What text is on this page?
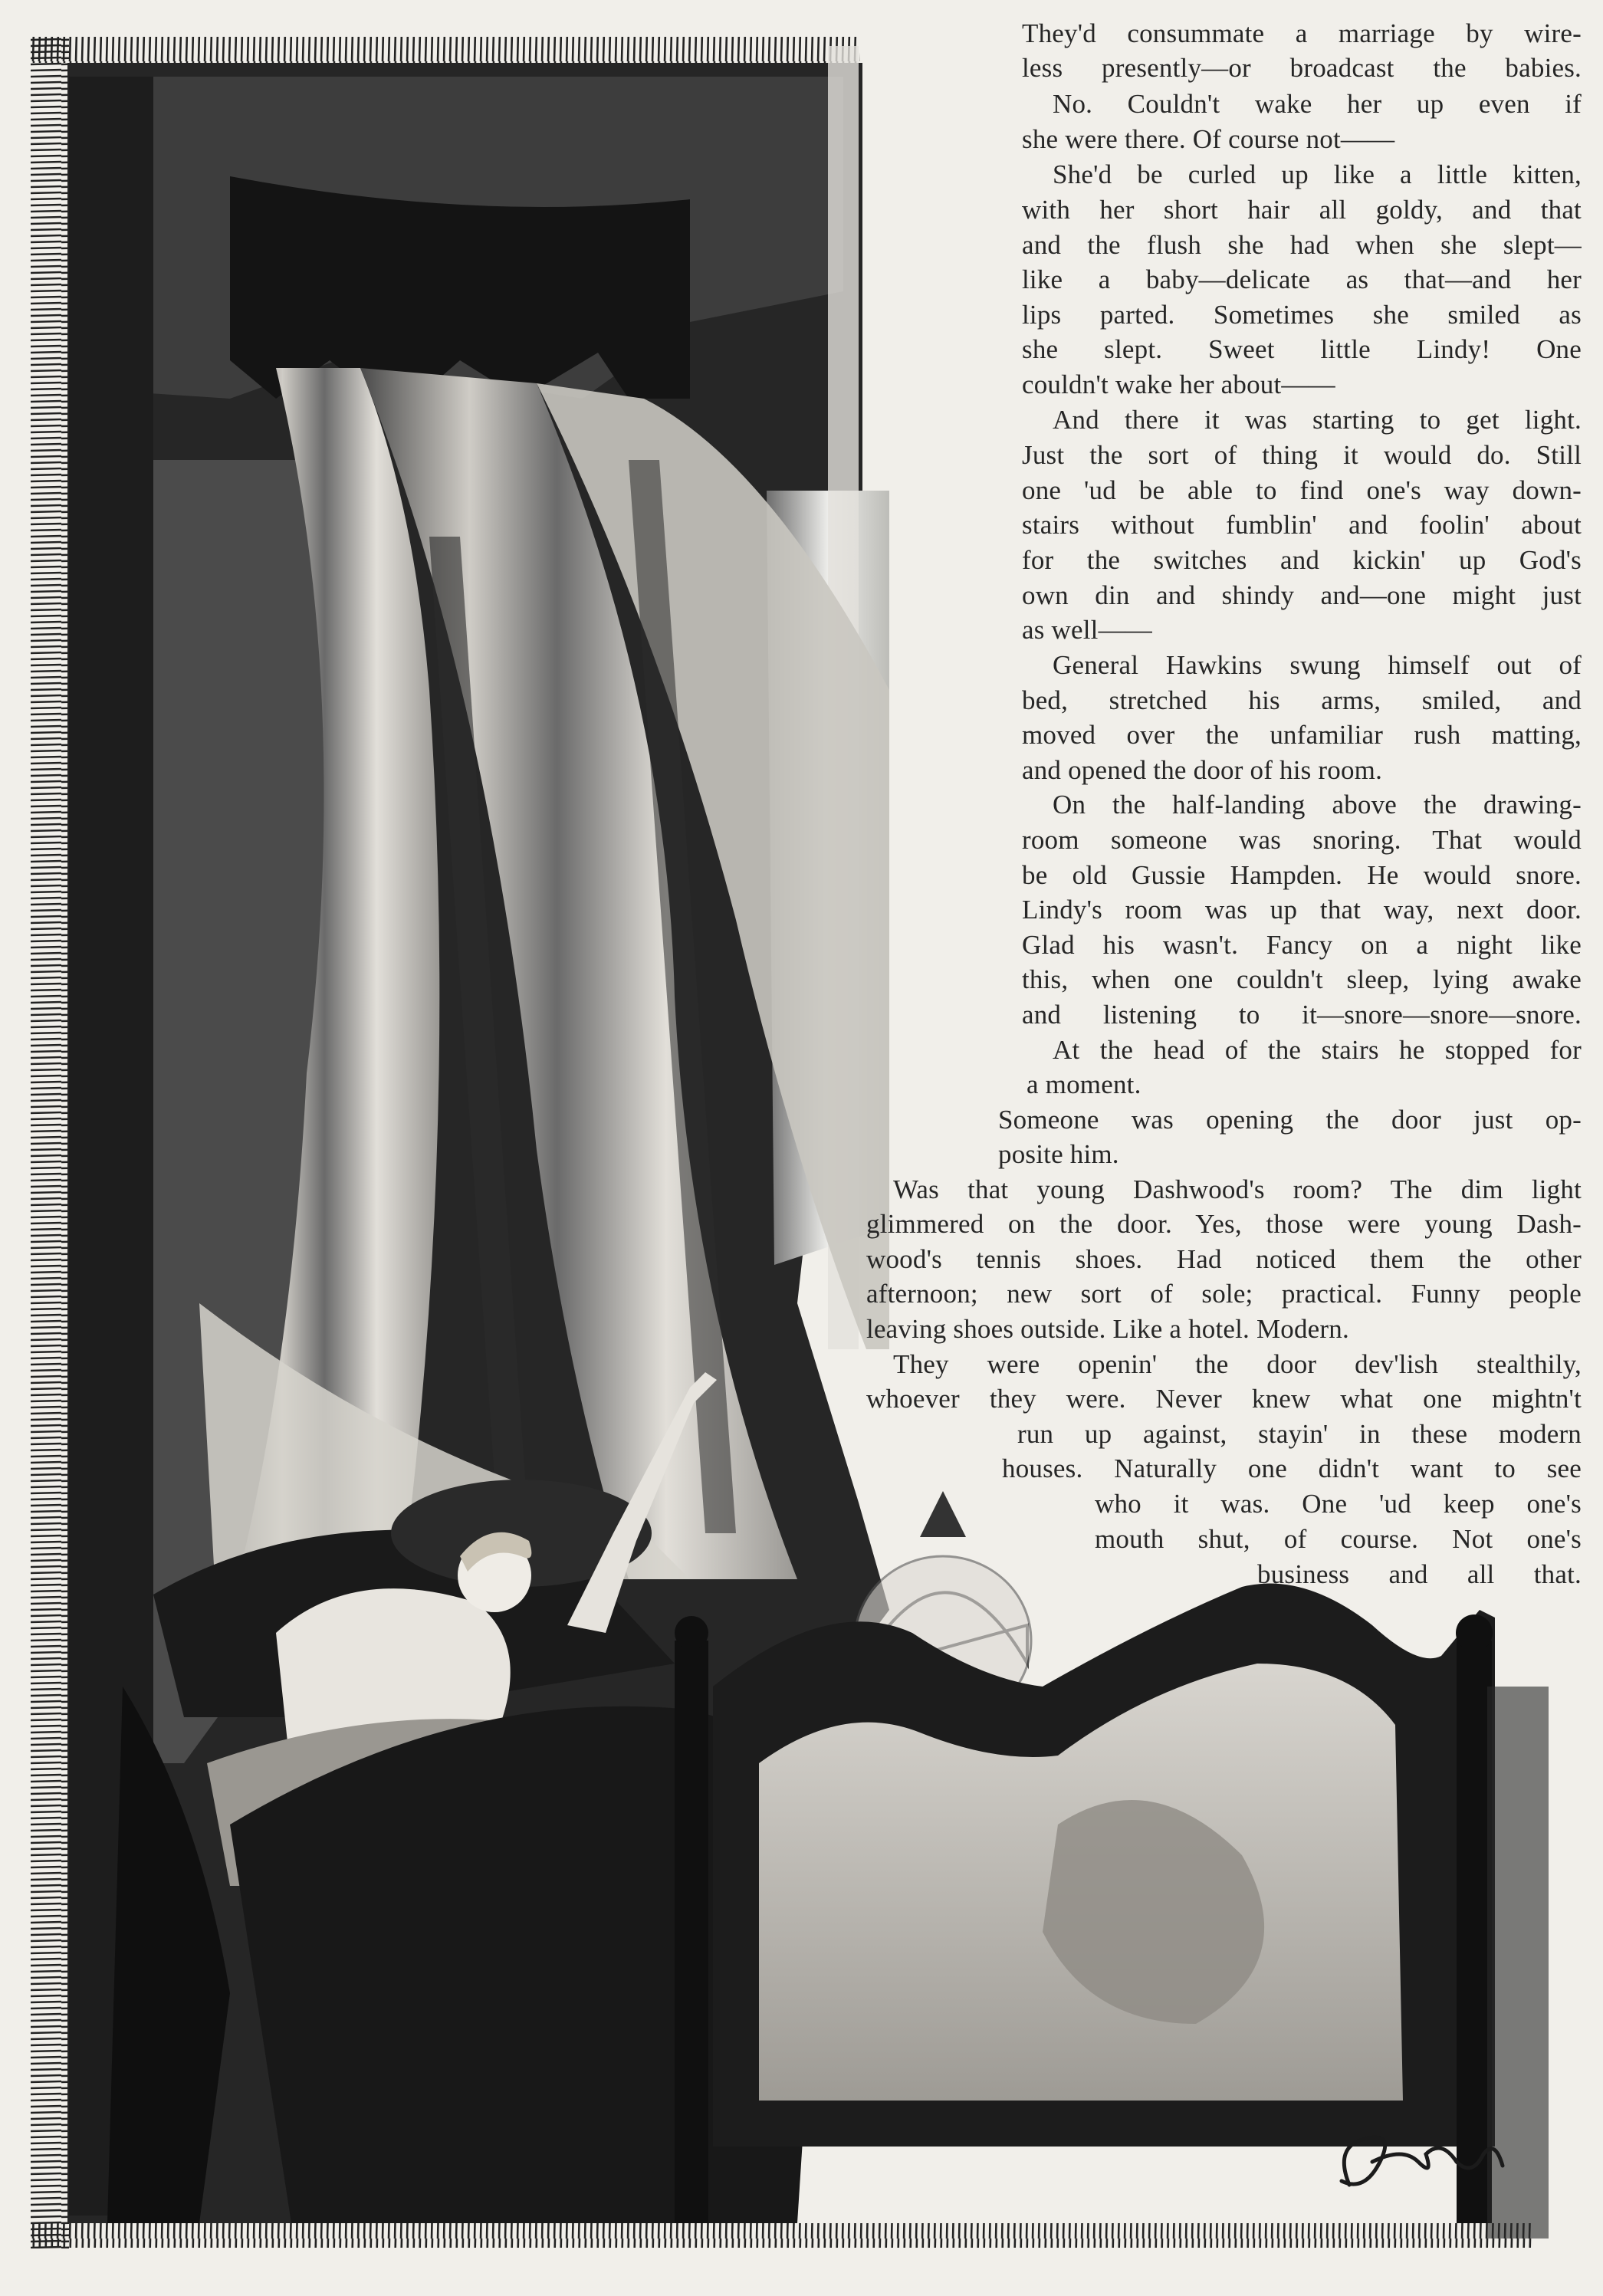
They'd consummate a marriage by wire-

less presently—or broadcast the babies.

No. Couldn't wake her up even if

she were there. Of course not——

She'd be curled up like a little kitten,

with her short hair all goldy, and that

and the flush she had when she slept—

like a baby—delicate as that—and her

lips parted. Sometimes she smiled as

she slept. Sweet little Lindy! One

couldn't wake her about——

And there it was starting to get light.

Just the sort of thing it would do. Still

one 'ud be able to find one's way down-

stairs without fumblin' and foolin' about

for the switches and kickin' up God's

own din and shindy and—one might just

as well——

General Hawkins swung himself out of

bed, stretched his arms, smiled, and

moved over the unfamiliar rush matting,

and opened the door of his room.

On the half-landing above the drawing-

room someone was snoring. That would

be old Gussie Hampden. He would snore.

Lindy's room was up that way, next door.

Glad his wasn't. Fancy on a night like

this, when one couldn't sleep, lying awake

and listening to it—snore—snore—snore.

At the head of the stairs he stopped for

a moment.

Someone was opening the door just op-

posite him.

Was that young Dashwood's room? The dim light

glimmered on the door. Yes, those were young Dash-

wood's tennis shoes. Had noticed them the other

afternoon; new sort of sole; practical. Funny people

leaving shoes outside. Like a hotel. Modern.

They were openin' the door dev'lish stealthily,

whoever they were. Never knew what one mightn't

run up against, stayin' in these modern

houses. Naturally one didn't want to see

who it was. One 'ud keep one's

mouth shut, of course. Not one's

business and all that.
